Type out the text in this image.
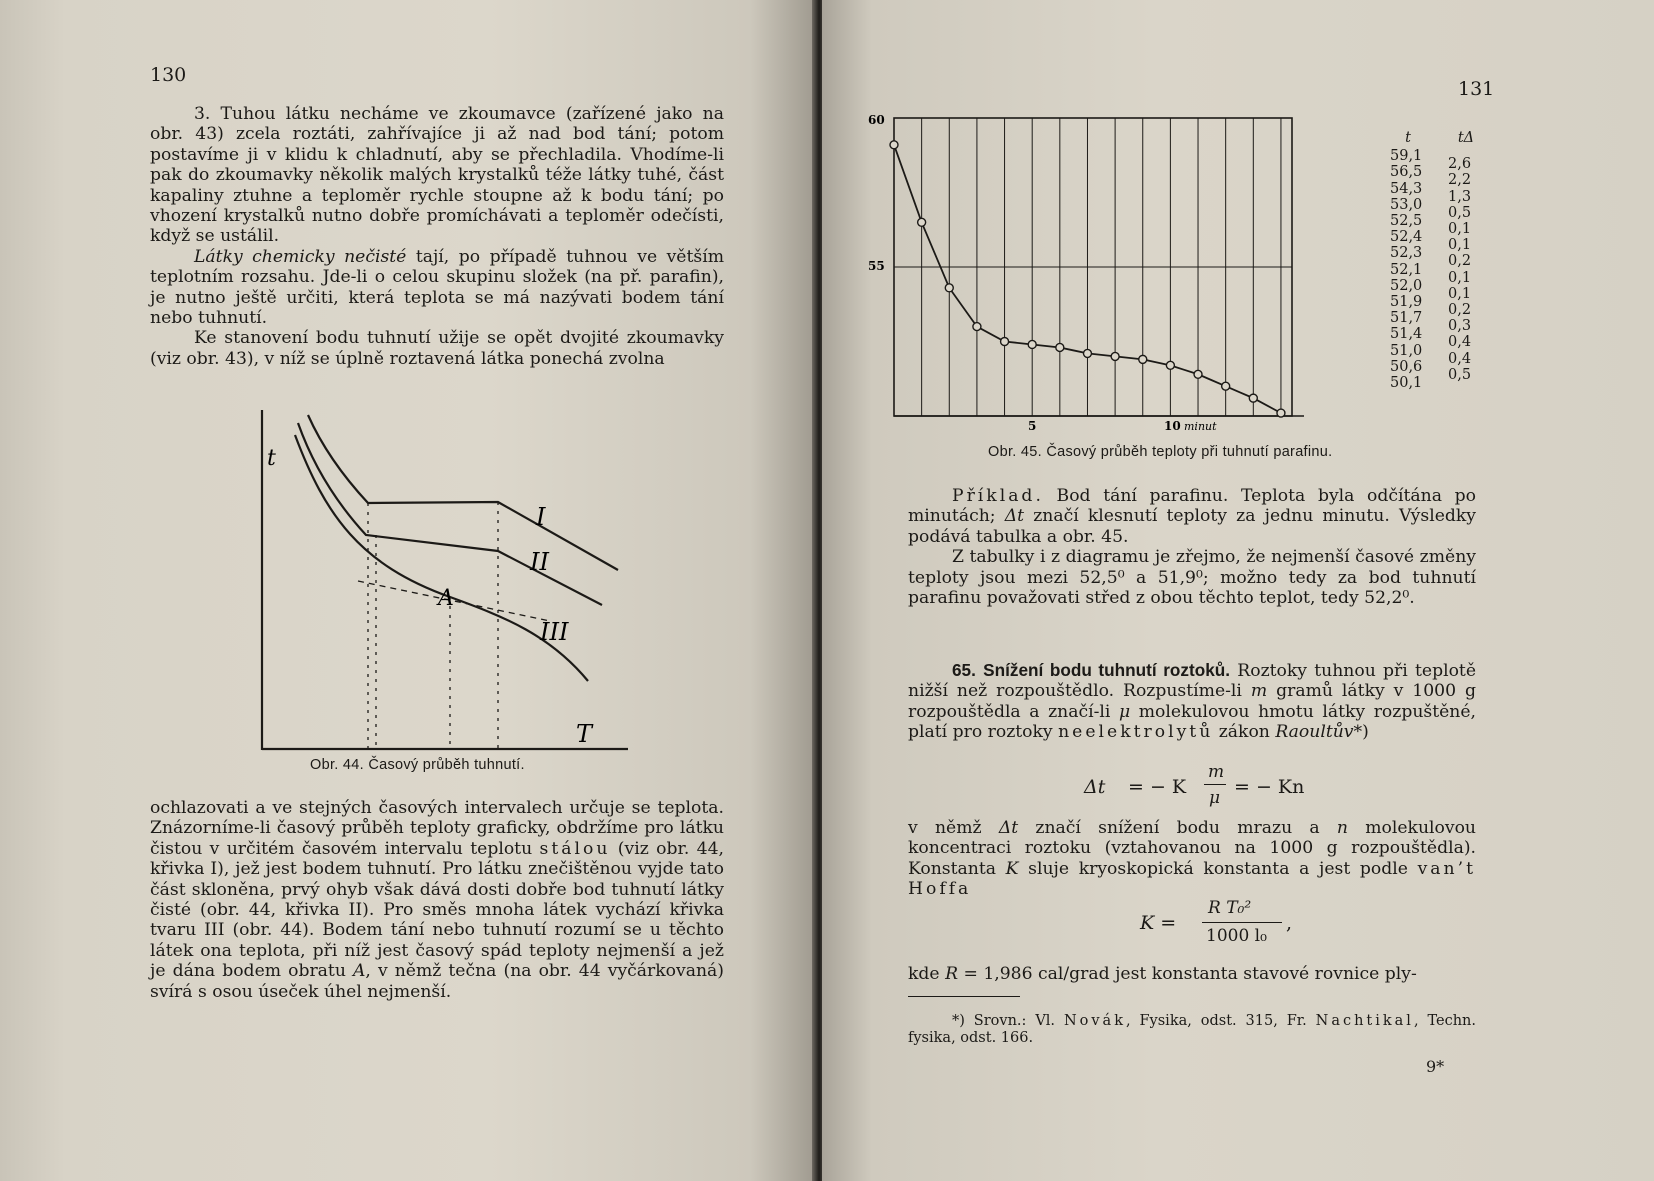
130

3. Tuhou látku necháme ve zkoumavce (zařízené jako na obr. 43) zcela roztáti, zahřívajíce ji až nad bod tání; potom postavíme ji v klidu k chladnutí, aby se přechladila. Vhodíme-li pak do zkoumavky několik malých krystalků téže látky tuhé, část kapaliny ztuhne a teploměr rychle stoupne až k bodu tání; po vhození krystalků nutno dobře promíchávati a teploměr odečísti, když se ustálil.

Látky chemicky nečisté tají, po případě tuhnou ve větším teplotním rozsahu. Jde-li o celou skupinu složek (na př. parafin), je nutno ještě určiti, která teplota se má nazývati bodem tání nebo tuhnutí.

Ke stanovení bodu tuhnutí užije se opět dvojité zkoumavky (viz obr. 43), v níž se úplně roztavená látka ponechá zvolna

t
T
A
I
II
III
Obr. 44. Časový průběh tuhnutí.

ochlazovati a ve stejných časových intervalech určuje se teplota. Znázorníme-li časový průběh teploty graficky, obdržíme pro látku čistou v určitém časovém intervalu teplotu stálou (viz obr. 44, křivka I), jež jest bodem tuhnutí. Pro látku znečištěnou vyjde tato část skloněna, prvý ohyb však dává dosti dobře bod tuhnutí látky čisté (obr. 44, křivka II). Pro směs mnoha látek vychází křivka tvaru III (obr. 44). Bodem tání nebo tuhnutí rozumí se u těchto látek ona teplota, při níž jest časový spád teploty nejmenší a jež je dána bodem obratu A, v němž tečna (na obr. 44 vyčárkovaná) svírá s osou úseček úhel nejmenší.

131
60
55
5	10 minut
t
59,1
56,5
54,3
53,0
52,5
52,4
52,3
52,1
52,0
51,9
51,7
51,4
51,0
50,6
50,1
tΔ
2,6
2,2
1,3
0,5
0,1
0,1
0,2
0,1
0,1
0,2
0,3
0,4
0,4
0,5
Obr. 45. Časový průběh teploty při tuhnutí parafinu.

Příklad. Bod tání parafinu. Teplota byla odčítána po minutách; Δt značí klesnutí teploty za jednu minutu. Výsledky podává tabulka a obr. 45.

Z tabulky i z diagramu je zřejmo, že nejmenší časové změny teploty jsou mezi 52,5⁰ a 51,9⁰; možno tedy za bod tuhnutí parafinu považovati střed z obou těchto teplot, tedy 52,2⁰.

65. Snížení bodu tuhnutí roztoků. Roztoky tuhnou při teplotě nižší než rozpouštědlo. Rozpustíme-li m gramů látky v 1000 g rozpouštědla a značí-li μ molekulovou hmotu látky rozpuštěné, platí pro roztoky neelektrolytů zákon Raoultův*)

Δt = − K
m
μ = − Kn

v němž Δt značí snížení bodu mrazu a n molekulovou koncentraci roztoku (vztahovanou na 1000 g rozpouštědla). Konstanta K sluje kryoskopická konstanta a jest podle van’t Hoffa

K =
R T₀²
1000 l₀
,

kde R = 1,986 cal/grad jest konstanta stavové rovnice ply-

*) Srovn.: Vl. Novák, Fysika, odst. 315, Fr. Nachtikal, Techn. fysika, odst. 166.
9*
